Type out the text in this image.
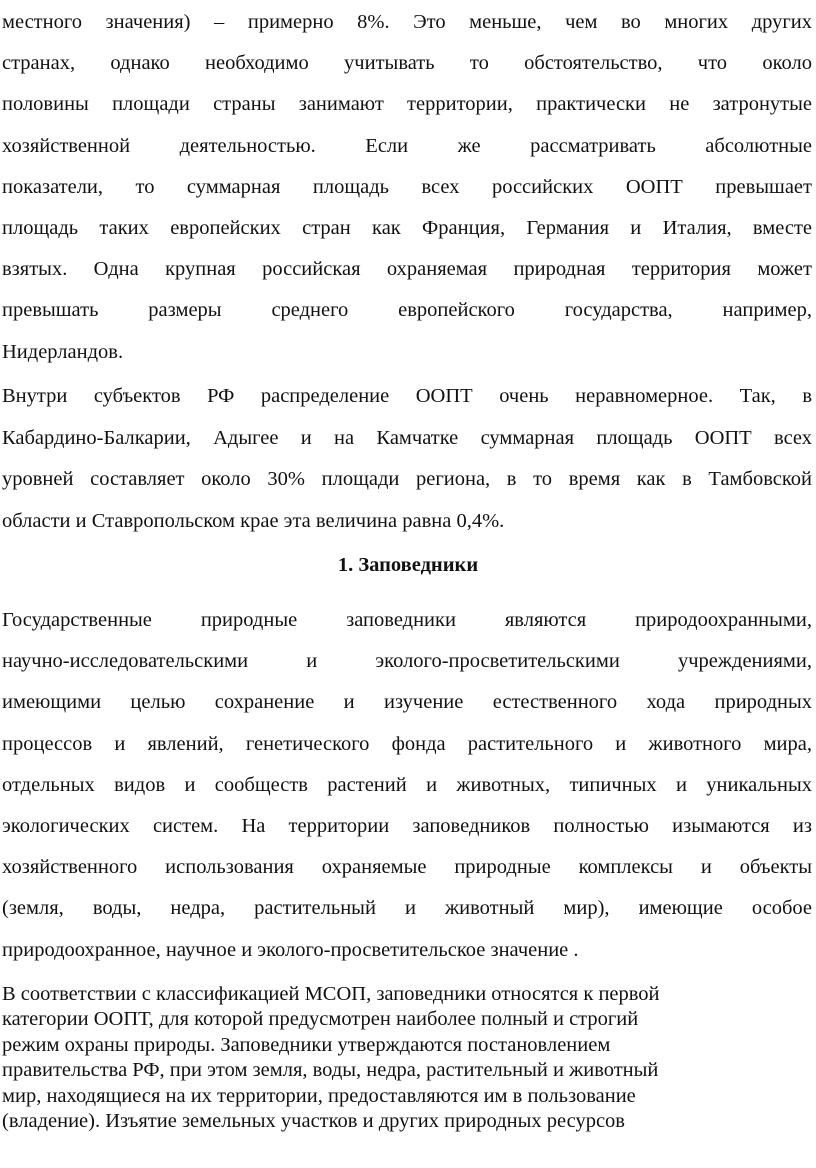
местного значения) – примерно 8%. Это меньше, чем во многих других
странах, однако необходимо учитывать то обстоятельство, что около
половины площади страны занимают территории, практически не затронутые
хозяйственной деятельностью. Если же рассматривать абсолютные
показатели, то суммарная площадь всех российских ООПТ превышает
площадь таких европейских стран как Франция, Германия и Италия, вместе
взятых. Одна крупная российская охраняемая природная территория может
превышать размеры среднего европейского государства, например,
Нидерландов.
Внутри субъектов РФ распределение ООПТ очень неравномерное. Так, в
Кабардино-Балкарии, Адыгее и на Камчатке суммарная площадь ООПТ всех
уровней составляет около 30% площади региона, в то время как в Тамбовской
области и Ставропольском крае эта величина равна 0,4%.
1. Заповедники
Государственные природные заповедники являются природоохранными,
научно-исследовательскими и эколого-просветительскими учреждениями,
имеющими целью сохранение и изучение естественного хода природных
процессов и явлений, генетического фонда растительного и животного мира,
отдельных видов и сообществ растений и животных, типичных и уникальных
экологических систем. На территории заповедников полностью изымаются из
хозяйственного использования охраняемые природные комплексы и объекты
(земля, воды, недра, растительный и животный мир), имеющие особое
природоохранное, научное и эколого-просветительское значение .
В соответствии с классификацией МСОП, заповедники относятся к первой
категории ООПТ, для которой предусмотрен наиболее полный и строгий
режим охраны природы. Заповедники утверждаются постановлением
правительства РФ, при этом земля, воды, недра, растительный и животный
мир, находящиеся на их территории, предоставляются им в пользование
(владение). Изъятие земельных участков и других природных ресурсов
